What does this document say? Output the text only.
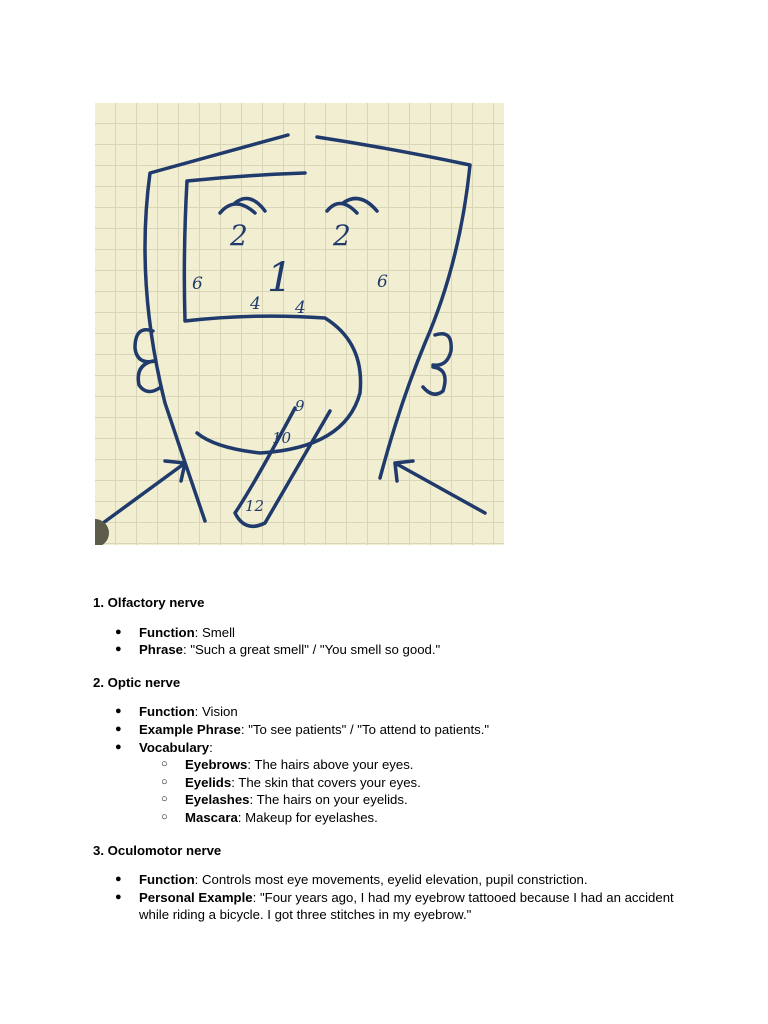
2	2
1
4 4
6	6
9
10
12

1. Olfactory nerve

● Function: Smell
● Phrase: "Such a great smell" / "You smell so good."

2. Optic nerve

● Function: Vision
● Example Phrase: "To see patients" / "To attend to patients."
● Vocabulary:
○ Eyebrows: The hairs above your eyes.
○ Eyelids: The skin that covers your eyes.
○ Eyelashes: The hairs on your eyelids.
○ Mascara: Makeup for eyelashes.

3. Oculomotor nerve

● Function: Controls most eye movements, eyelid elevation, pupil constriction.
● Personal Example: "Four years ago, I had my eyebrow tattooed because I had an accident while riding a bicycle. I got three stitches in my eyebrow."
